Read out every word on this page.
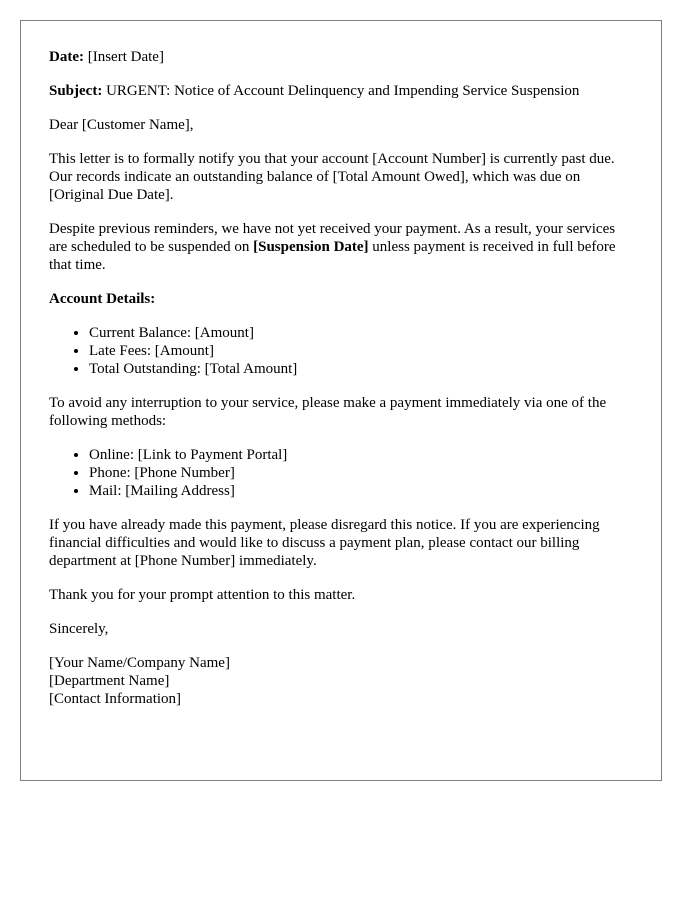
Date: [Insert Date]

Subject: URGENT: Notice of Account Delinquency and Impending Service Suspension

Dear [Customer Name],

This letter is to formally notify you that your account [Account Number] is currently past due. Our records indicate an outstanding balance of [Total Amount Owed], which was due on [Original Due Date].

Despite previous reminders, we have not yet received your payment. As a result, your services are scheduled to be suspended on [Suspension Date] unless payment is received in full before that time.

Account Details:

• Current Balance: [Amount]
• Late Fees: [Amount]
• Total Outstanding: [Total Amount]

To avoid any interruption to your service, please make a payment immediately via one of the following methods:

• Online: [Link to Payment Portal]
• Phone: [Phone Number]
• Mail: [Mailing Address]

If you have already made this payment, please disregard this notice. If you are experiencing financial difficulties and would like to discuss a payment plan, please contact our billing department at [Phone Number] immediately.

Thank you for your prompt attention to this matter.

Sincerely,

[Your Name/Company Name]
[Department Name]
[Contact Information]
